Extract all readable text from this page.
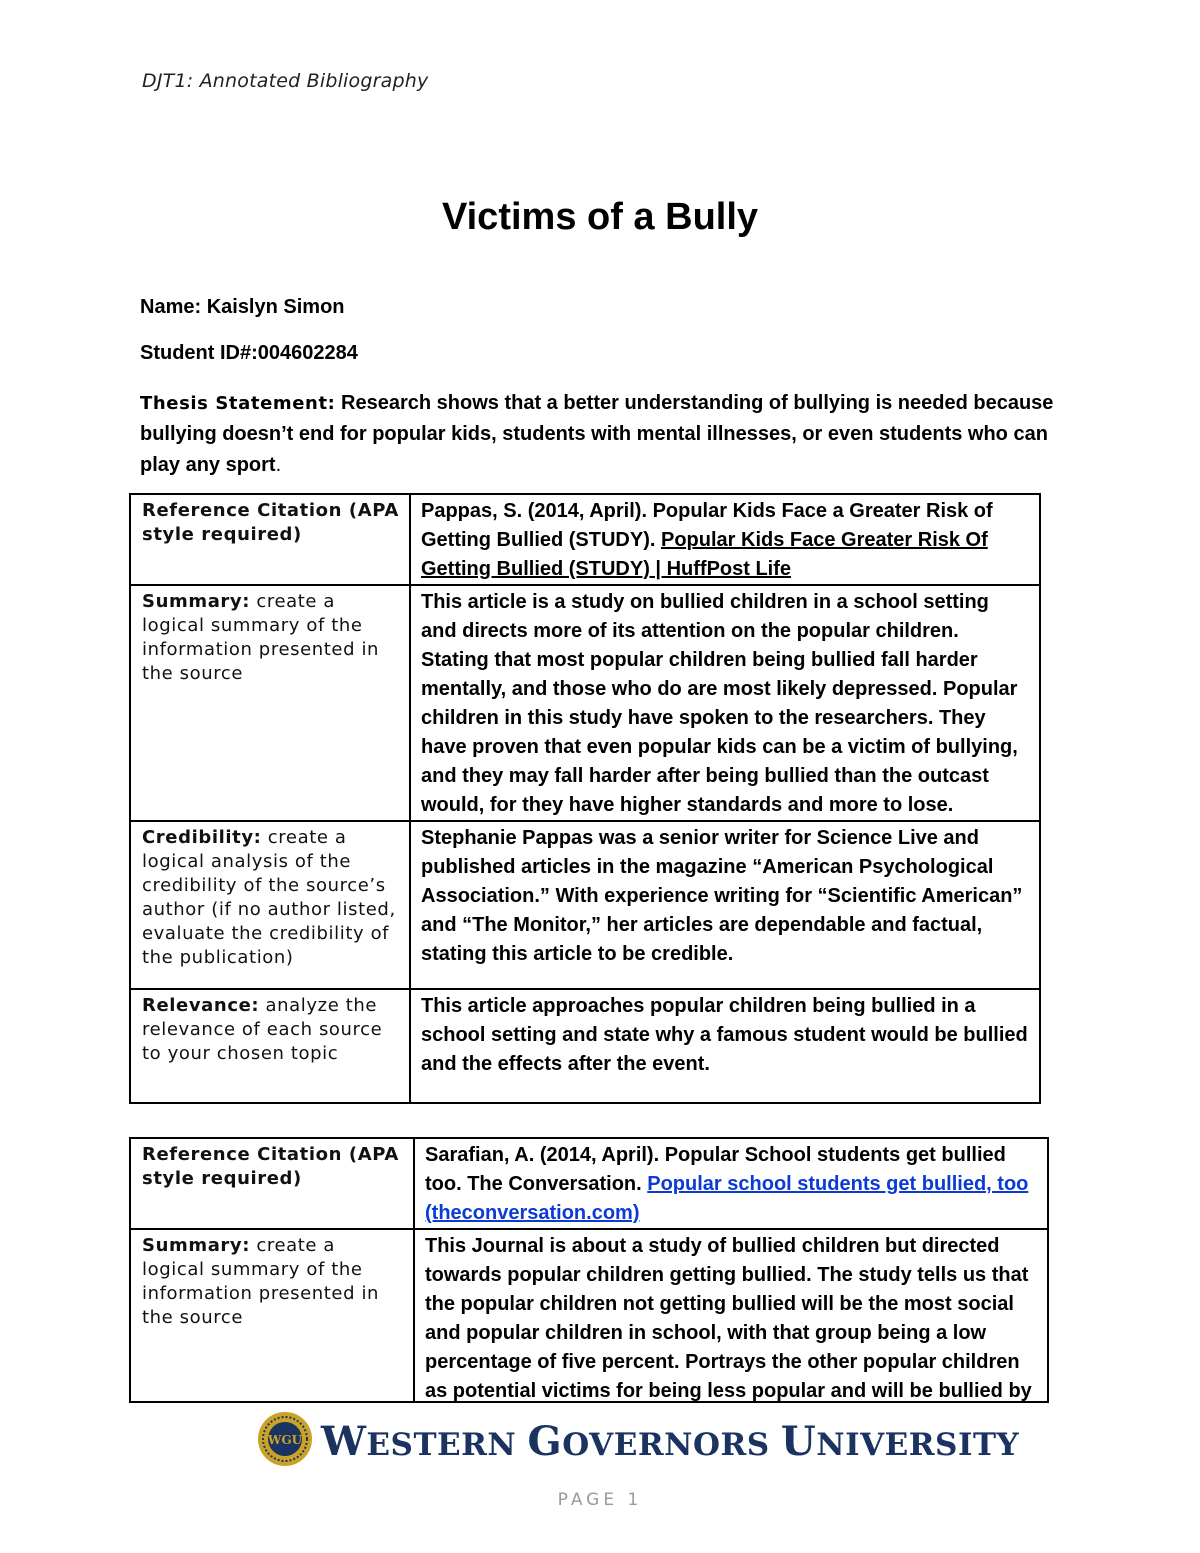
DJT1: Annotated Bibliography
Victims of a Bully
Name: Kaislyn Simon
Student ID#:004602284
Thesis Statement: Research shows that a better understanding of bullying is needed because bullying doesn’t end for popular kids, students with mental illnesses, or even students who can play any sport.
Reference Citation (APA style required)	Pappas, S. (2014, April). Popular Kids Face a Greater Risk of Getting Bullied (STUDY). Popular Kids Face Greater Risk Of Getting Bullied (STUDY) | HuffPost Life
Summary: create a logical summary of the information presented in the source	This article is a study on bullied children in a school setting and directs more of its attention on the popular children. Stating that most popular children being bullied fall harder mentally, and those who do are most likely depressed. Popular children in this study have spoken to the researchers. They have proven that even popular kids can be a victim of bullying, and they may fall harder after being bullied than the outcast would, for they have higher standards and more to lose.
Credibility: create a logical analysis of the credibility of the source’s author (if no author listed, evaluate the credibility of the publication)	Stephanie Pappas was a senior writer for Science Live and published articles in the magazine “American Psychological Association.” With experience writing for “Scientific American” and “The Monitor,” her articles are dependable and factual, stating this article to be credible.
Relevance: analyze the relevance of each source to your chosen topic	This article approaches popular children being bullied in a school setting and state why a famous student would be bullied and the effects after the event.
Reference Citation (APA style required)	Sarafian, A. (2014, April). Popular School students get bullied too. The Conversation. Popular school students get bullied, too (theconversation.com)
Summary: create a logical summary of the information presented in the source	This Journal is about a study of bullied children but directed towards popular children getting bullied. The study tells us that the popular children not getting bullied will be the most social and popular children in school, with that group being a low percentage of five percent. Portrays the other popular children as potential victims for being less popular and will be bullied by
WGU WESTERN GOVERNORS UNIVERSITY
PAGE 1
